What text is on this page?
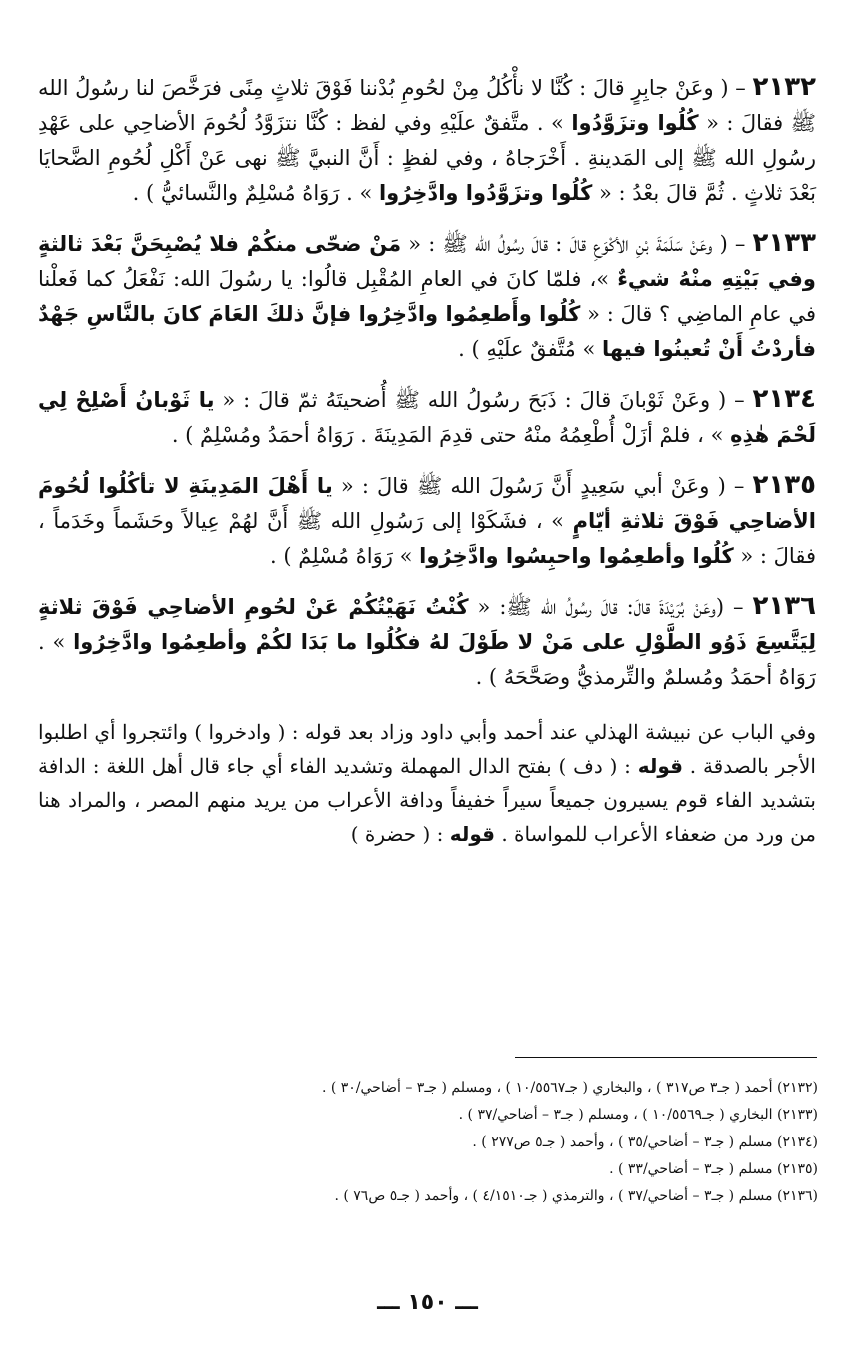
٢١٣٢ – ( وعَنْ جابِرٍ قالَ : كُنَّا لا نأْكُلُ مِنْ لحُومِ بُدْننا فَوْقَ ثلاثٍ مِنًى فرَخَّصَ لنا رسُولُ الله ﷺ فقالَ : « كُلُوا وتزَوَّدُوا » . متَّفقٌ علَيْهِ وفي لفظ : كُنَّا نتزَوَّدُ لُحُومَ الأضاحِي على عَهْدِ رسُولِ الله ﷺ إلى المَدينةِ . أَخْرَجاهُ ، وفي لفظٍ : أَنَّ النبيَّ ﷺ نهى عَنْ أَكْلِ لُحُومِ الضَّحايَا بَعْدَ ثلاثٍ . ثُمَّ قالَ بعْدُ : « كُلُوا وتزَوَّدُوا وادَّخِرُوا » . رَوَاهُ مُسْلِمٌ والنَّسائيُّ ) .

٢١٣٣ – ( وعَنْ سَلَمَةَ بْنِ الأكْوَعِ قالَ : قالَ رسُولُ الله ﷺ : « مَنْ ضحّى منكُمْ فلا يُصْبِحَنَّ بَعْدَ ثالثةٍ وفي بَيْتِهِ منْهُ شيءٌ »، فلمّا كانَ في العامِ المُقْبِل قالُوا: يا رسُولَ الله: نَفْعَلُ كما فَعلْنا في عامِ الماضِي ؟ قالَ : « كُلُوا وأَطعِمُوا وادَّخِرُوا فإنَّ ذلكَ العَامَ كانَ بالنَّاسِ جَهْدٌ فأردْتُ أَنْ تُعينُوا فيها » مُتَّفقٌ علَيْهِ ) .

٢١٣٤ – ( وعَنْ ثَوْبانَ قالَ : ذَبَحَ رسُولُ الله ﷺ أُضحيتَهُ ثمّ قالَ : « يا ثَوْبانُ أَصْلِحْ لِي لَحْمَ هٰذِهِ » ، فلمْ أزَلْ أُطْعِمُهُ منْهُ حتى قدِمَ المَدِينَةَ . رَوَاهُ أحمَدُ ومُسْلِمٌ ) .

٢١٣٥ – ( وعَنْ أبي سَعِيدٍ أَنَّ رَسُولَ الله ﷺ قالَ : « يا أَهْلَ المَدِينَةِ لا تأكُلُوا لُحُومَ الأضاحِي فَوْقَ ثلاثةِ أيّامٍ » ، فشَكَوْا إلى رَسُولِ الله ﷺ أَنَّ لهُمْ عِيالاً وحَشَماً وخَدَماً ، فقالَ : « كُلُوا وأطعِمُوا واحبِسُوا وادَّخِرُوا » رَوَاهُ مُسْلِمٌ ) .

٢١٣٦ – (وعَنْ بُرَيْدَةَ قالَ: قالَ رسُولُ الله ﷺ: « كُنْتُ نَهَيْتُكُمْ عَنْ لحُومِ الأضاحِي فَوْقَ ثلاثةٍ لِيَتَّسِعَ ذَوُو الطَّوْلِ على مَنْ لا طَوْلَ لهُ فكُلُوا ما بَدَا لكُمْ وأطعِمُوا وادَّخِرُوا » . رَوَاهُ أحمَدُ ومُسلمٌ والتِّرمذيُّ وصَحَّحَهُ ) .

وفي الباب عن نبيشة الهذلي عند أحمد وأبي داود وزاد بعد قوله : ( وادخروا ) وائتجروا أي اطلبوا الأجر بالصدقة . قوله : ( دف ) بفتح الدال المهملة وتشديد الفاء أي جاء قال أهل اللغة : الدافة بتشديد الفاء قوم يسيرون جميعاً سيراً خفيفاً ودافة الأعراب من يريد منهم المصر ، والمراد هنا من ورد من ضعفاء الأعراب للمواساة . قوله : ( حضرة )

(٢١٣٢) أحمد ( جـ٣ ص٣١٧ ) ، والبخاري ( جـ١٠/٥٥٦٧ ) ، ومسلم ( جـ٣ – أضاحي/٣٠ ) .
(٢١٣٣) البخاري ( جـ١٠/٥٥٦٩ ) ، ومسلم ( جـ٣ – أضاحي/٣٧ ) .
(٢١٣٤) مسلم ( جـ٣ – أضاحي/٣٥ ) ، وأحمد ( جـ٥ ص٢٧٧ ) .
(٢١٣٥) مسلم ( جـ٣ – أضاحي/٣٣ ) .
(٢١٣٦) مسلم ( جـ٣ – أضاحي/٣٧ ) ، والترمذي ( جـ٤/١٥١٠ ) ، وأحمد ( جـ٥ ص٧٦ ) .
ـــ ١٥٠ ـــ
